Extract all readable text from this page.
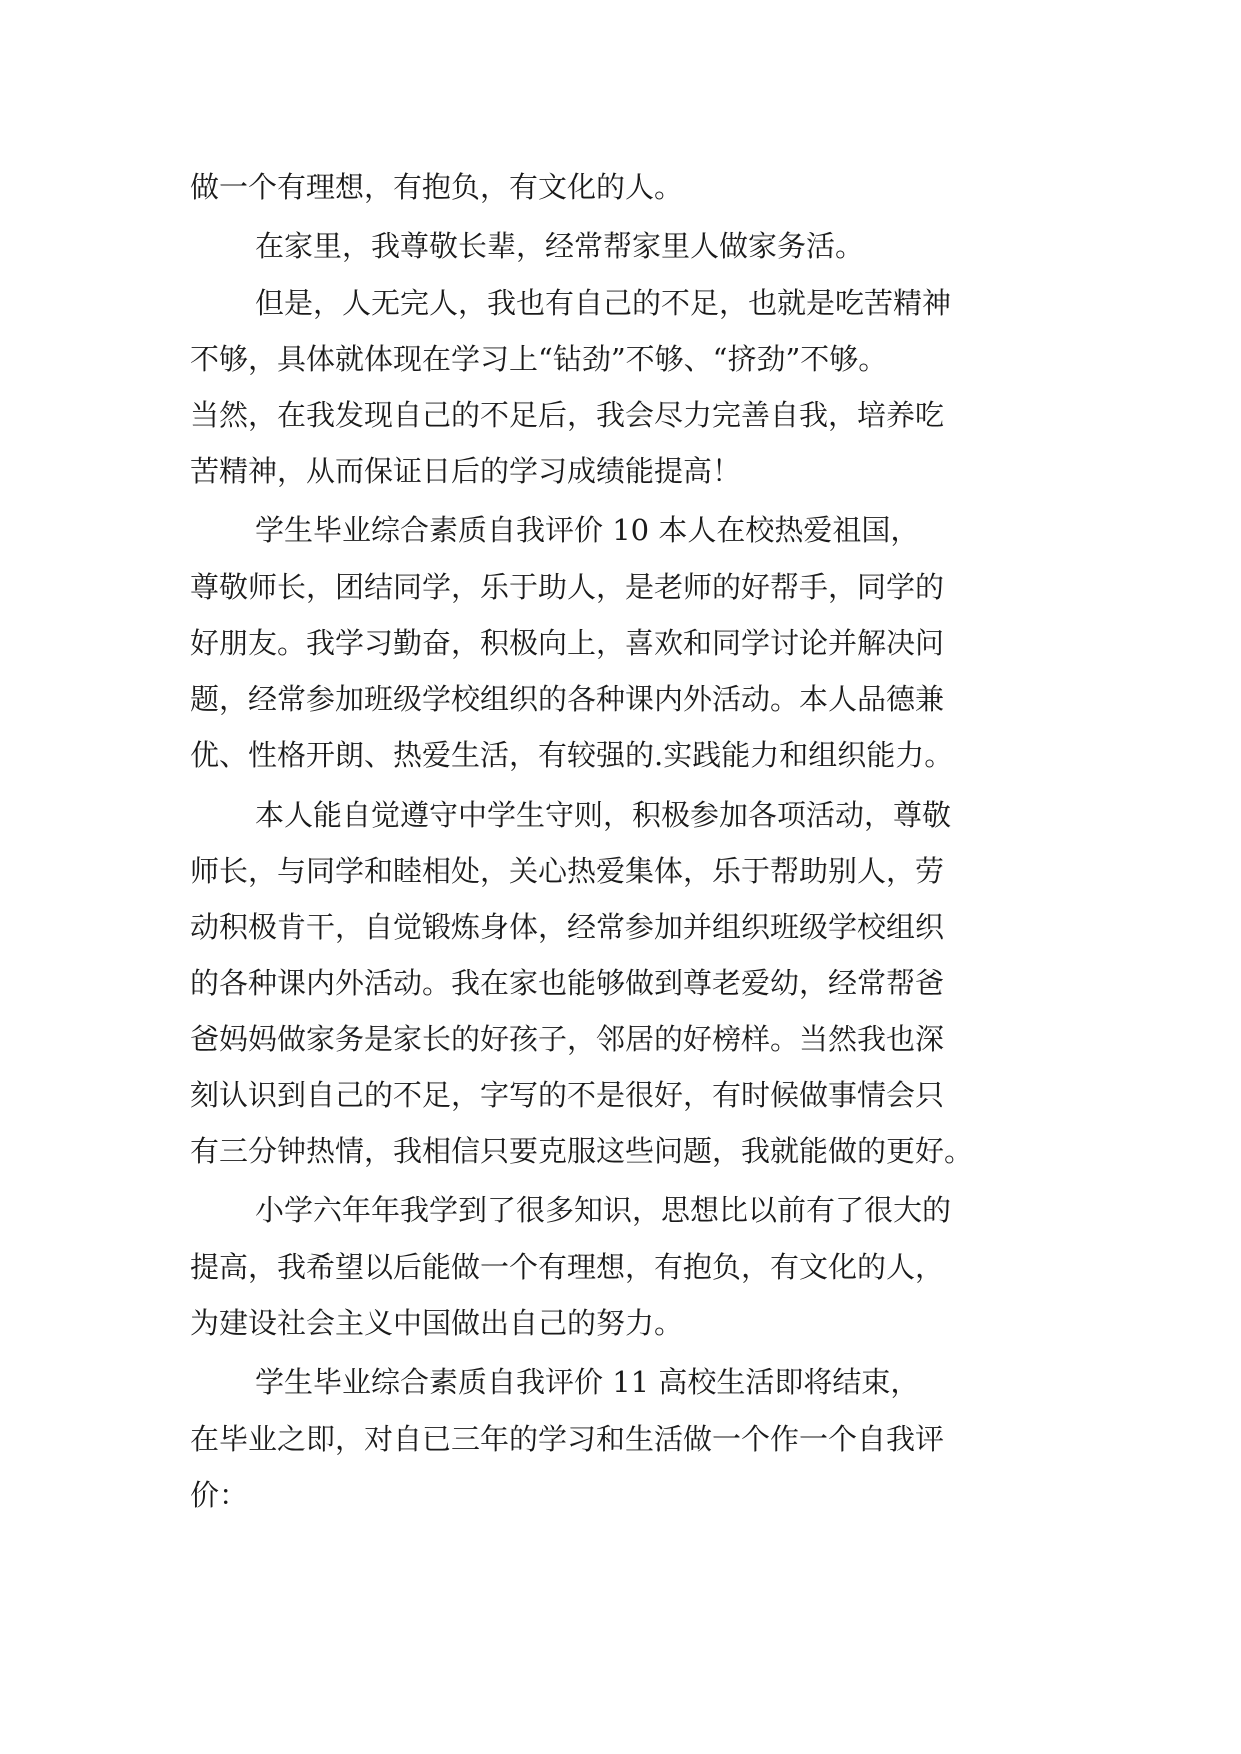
做一个有理想，有抱负，有文化的人。
在家里，我尊敬长辈，经常帮家里人做家务活。
但是，人无完人，我也有自己的不足，也就是吃苦精神
不够，具体就体现在学习上“钻劲”不够、“挤劲”不够。
当然，在我发现自己的不足后，我会尽力完善自我，培养吃
苦精神，从而保证日后的学习成绩能提高！
学生毕业综合素质自我评价 10 本人在校热爱祖国，
尊敬师长，团结同学，乐于助人，是老师的好帮手，同学的
好朋友。我学习勤奋，积极向上，喜欢和同学讨论并解决问
题，经常参加班级学校组织的各种课内外活动。本人品德兼
优、性格开朗、热爱生活，有较强的.实践能力和组织能力。
本人能自觉遵守中学生守则，积极参加各项活动，尊敬
师长，与同学和睦相处，关心热爱集体，乐于帮助别人，劳
动积极肯干，自觉锻炼身体，经常参加并组织班级学校组织
的各种课内外活动。我在家也能够做到尊老爱幼，经常帮爸
爸妈妈做家务是家长的好孩子，邻居的好榜样。当然我也深
刻认识到自己的不足，字写的不是很好，有时候做事情会只
有三分钟热情，我相信只要克服这些问题，我就能做的更好。
小学六年年我学到了很多知识，思想比以前有了很大的
提高，我希望以后能做一个有理想，有抱负，有文化的人，
为建设社会主义中国做出自己的努力。
学生毕业综合素质自我评价 11 高校生活即将结束，
在毕业之即，对自已三年的学习和生活做一个作一个自我评
价：
